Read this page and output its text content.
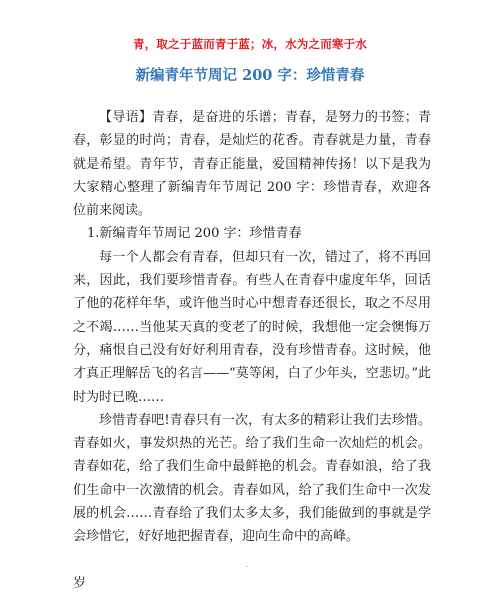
青，取之于蓝而青于蓝；冰，水为之而寒于水
新编青年节周记 200 字：珍惜青春

【导语】青春，是奋进的乐谱；青春，是努力的书签；青春，彰显的时尚；青春，是灿烂的花香。青春就是力量，青春就是希望。青年节，青春正能量，爱国精神传扬！以下是我为大家精心整理了新编青年节周记 200 字：珍惜青春，欢迎各位前来阅读。

1.新编青年节周记 200 字：珍惜青春

每一个人都会有青春，但却只有一次，错过了，将不再回来，因此，我们要珍惜青春。有些人在青春中虚度年华，回话了他的花样年华，或许他当时心中想青春还很长，取之不尽用之不竭……当他某天真的变老了的时候，我想他一定会懊悔万分，痛恨自己没有好好利用青春，没有珍惜青春。这时候，他才真正理解岳飞的名言——“莫等闲，白了少年头，空悲切。”此时为时已晚……

珍惜青春吧!青春只有一次，有太多的精彩让我们去珍惜。青春如火，事发炽热的光芒。给了我们生命一次灿烂的机会。青春如花，给了我们生命中最鲜艳的机会。青春如浪，给了我们生命中一次激情的机会。青春如风，给了我们生命中一次发展的机会……青春给了我们太多太多，我们能做到的事就是学会珍惜它，好好地把握青春，迎向生命中的高峰。

岁
